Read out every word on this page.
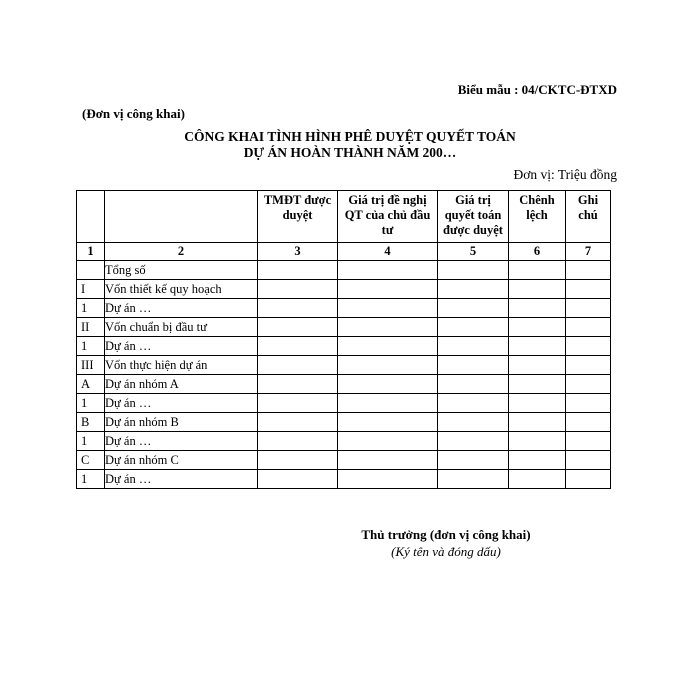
Biểu mẫu : 04/CKTC-ĐTXD
(Đơn vị công khai)
CÔNG KHAI TÌNH HÌNH PHÊ DUYỆT QUYẾT TOÁN
DỰ ÁN HOÀN THÀNH NĂM 200…
Đơn vị: Triệu đồng
		TMĐT được duyệt	Giá trị đề nghị QT của chủ đầu tư	Giá trị quyết toán được duyệt	Chênh lệch	Ghi chú
1	2	3	4	5	6	7
	Tổng số					
I	Vốn thiết kế quy hoạch					
1	Dự án …					
II	Vốn chuẩn bị đầu tư					
1	Dự án …					
III	Vốn thực hiện dự án					
A	Dự án nhóm A					
1	Dự án …					
B	Dự án nhóm B					
1	Dự án …					
C	Dự án nhóm C					
1	Dự án …					
Thủ trưởng (đơn vị công khai)
(Ký tên và đóng dấu)
